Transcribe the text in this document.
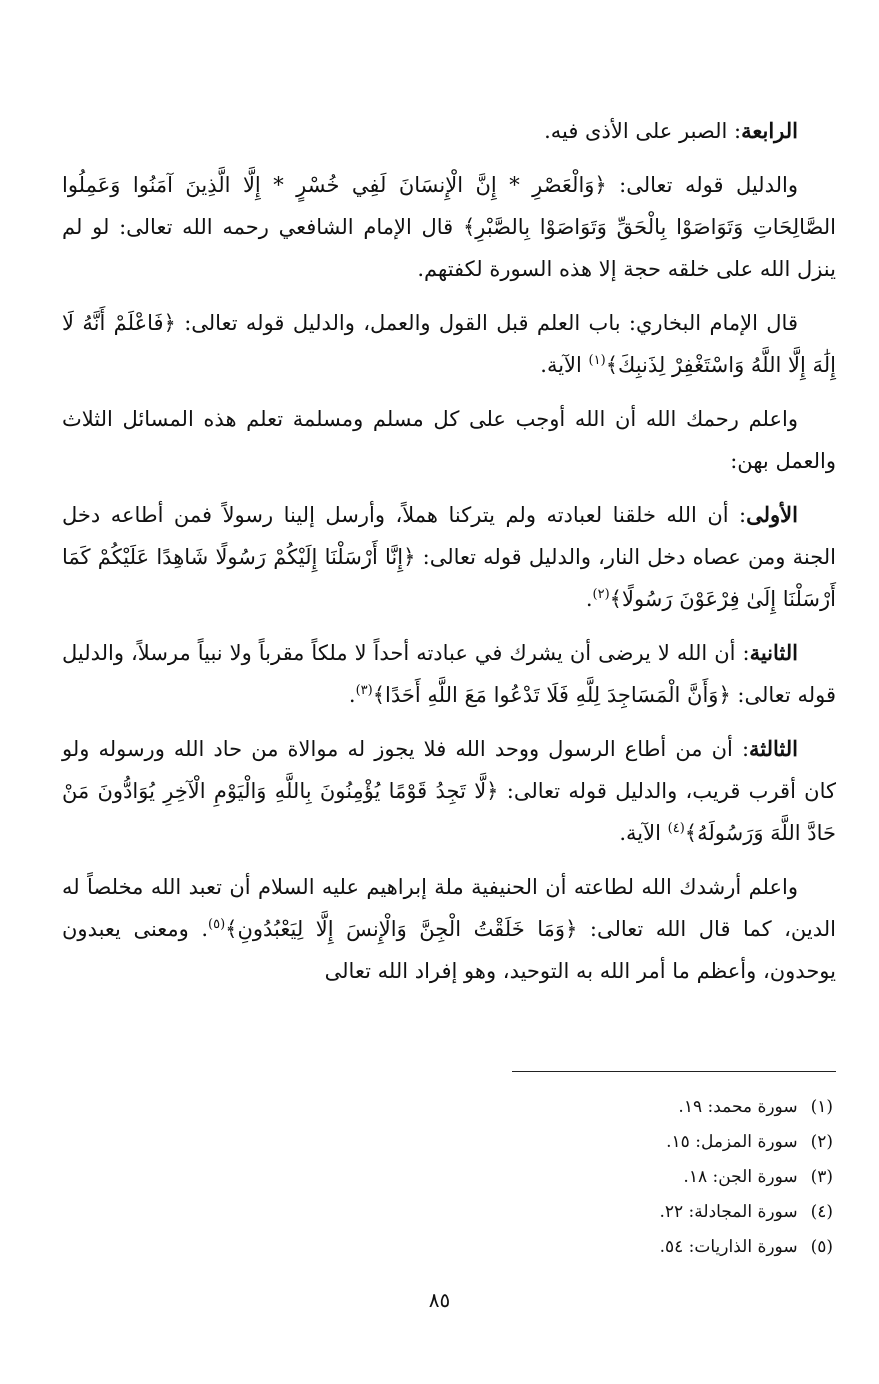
الرابعة: الصبر على الأذى فيه.

والدليل قوله تعالى: ﴿وَالْعَصْرِ * إِنَّ الْإِنسَانَ لَفِي خُسْرٍ * إِلَّا الَّذِينَ آمَنُوا وَعَمِلُوا الصَّالِحَاتِ وَتَوَاصَوْا بِالْحَقِّ وَتَوَاصَوْا بِالصَّبْرِ﴾ قال الإمام الشافعي رحمه الله تعالى: لو لم ينزل الله على خلقه حجة إلا هذه السورة لكفتهم.

قال الإمام البخاري: باب العلم قبل القول والعمل، والدليل قوله تعالى: ﴿فَاعْلَمْ أَنَّهُ لَا إِلَٰهَ إِلَّا اللَّهُ وَاسْتَغْفِرْ لِذَنبِكَ﴾$^{(١)}$ الآية.

واعلم رحمك الله أن الله أوجب على كل مسلم ومسلمة تعلم هذه المسائل الثلاث والعمل بهن:

الأولى: أن الله خلقنا لعبادته ولم يتركنا هملاً، وأرسل إلينا رسولاً فمن أطاعه دخل الجنة ومن عصاه دخل النار، والدليل قوله تعالى: ﴿إِنَّا أَرْسَلْنَا إِلَيْكُمْ رَسُولًا شَاهِدًا عَلَيْكُمْ كَمَا أَرْسَلْنَا إِلَىٰ فِرْعَوْنَ رَسُولًا﴾$^{(٢)}$.

الثانية: أن الله لا يرضى أن يشرك في عبادته أحداً لا ملكاً مقرباً ولا نبياً مرسلاً، والدليل قوله تعالى: ﴿وَأَنَّ الْمَسَاجِدَ لِلَّهِ فَلَا تَدْعُوا مَعَ اللَّهِ أَحَدًا﴾$^{(٣)}$.

الثالثة: أن من أطاع الرسول ووحد الله فلا يجوز له موالاة من حاد الله ورسوله ولو كان أقرب قريب، والدليل قوله تعالى: ﴿لَّا تَجِدُ قَوْمًا يُؤْمِنُونَ بِاللَّهِ وَالْيَوْمِ الْآخِرِ يُوَادُّونَ مَنْ حَادَّ اللَّهَ وَرَسُولَهُ﴾$^{(٤)}$ الآية.

واعلم أرشدك الله لطاعته أن الحنيفية ملة إبراهيم عليه السلام أن تعبد الله مخلصاً له الدين، كما قال الله تعالى: ﴿وَمَا خَلَقْتُ الْجِنَّ وَالْإِنسَ إِلَّا لِيَعْبُدُونِ﴾$^{(٥)}$. ومعنى يعبدون يوحدون، وأعظم ما أمر الله به التوحيد، وهو إفراد الله تعالى

(١) سورة محمد: ١٩.
(٢) سورة المزمل: ١٥.
(٣) سورة الجن: ١٨.
(٤) سورة المجادلة: ٢٢.
(٥) سورة الذاريات: ٥٤.
٨٥
